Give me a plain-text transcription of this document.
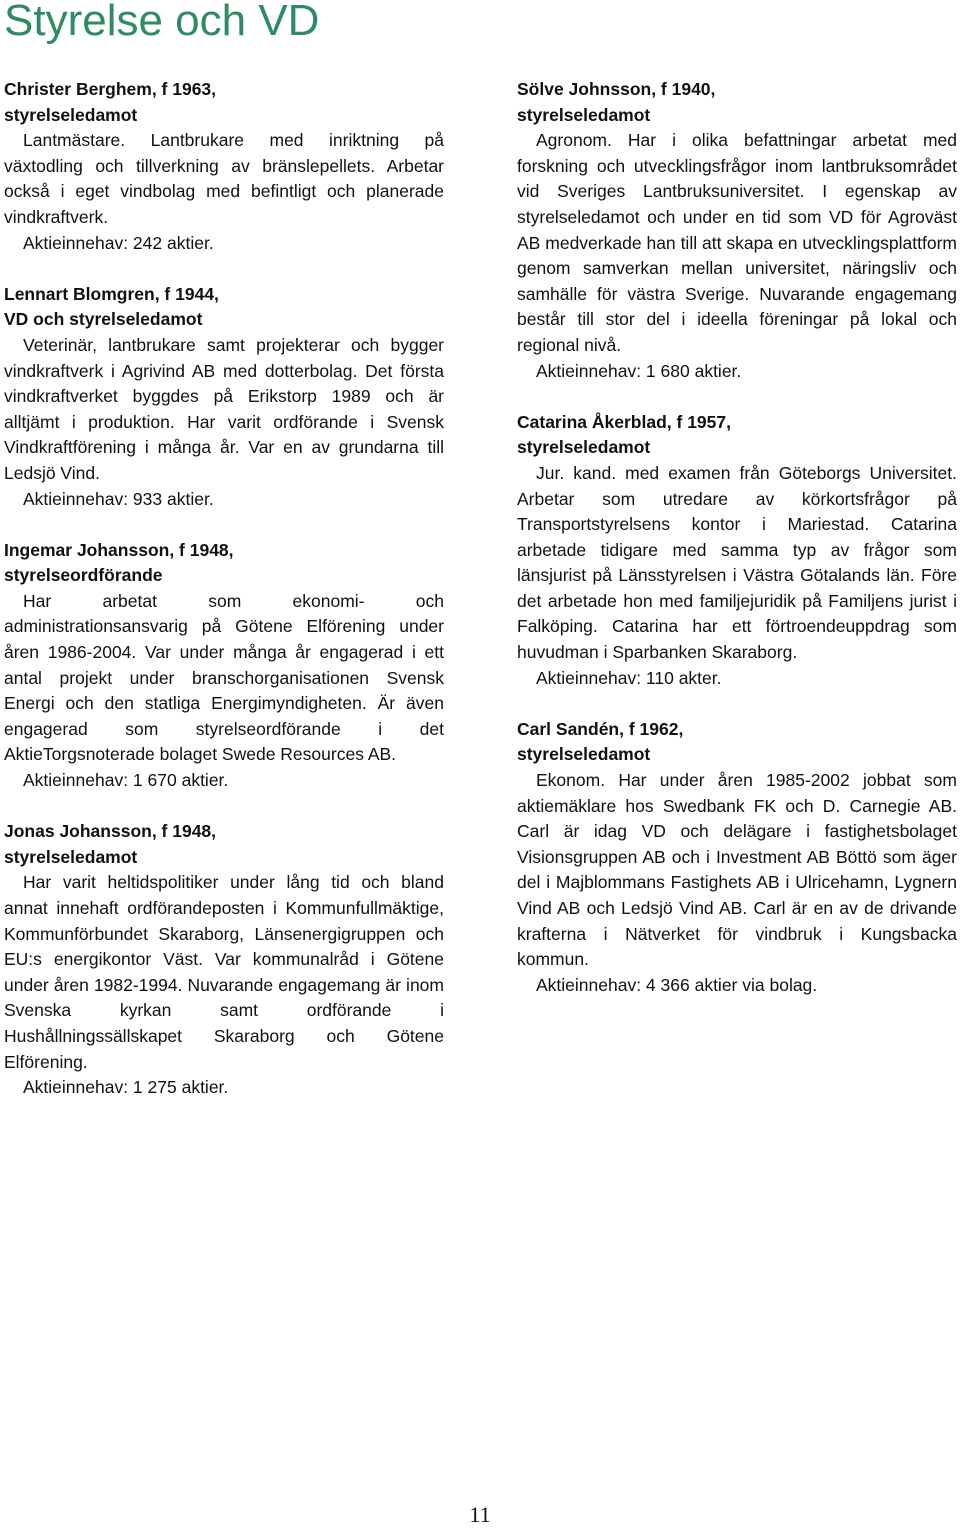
Styrelse och VD

Christer Berghem, f 1963,

styrelseledamot

Lantmästare. Lantbrukare med inriktning på växtodling och tillverkning av bränslepellets. Arbetar också i eget vindbolag med befintligt och planerade vindkraftverk.

Aktieinnehav: 242 aktier.

Lennart Blomgren, f 1944,

VD och styrelseledamot

Veterinär, lantbrukare samt projekterar och bygger vindkraftverk i Agrivind AB med dotterbolag. Det första vindkraftverket byggdes på Erikstorp 1989 och är alltjämt i produktion. Har varit ordförande i Svensk Vindkraftförening i många år. Var en av grundarna till Ledsjö Vind.

Aktieinnehav: 933 aktier.

Ingemar Johansson, f 1948,

styrelseordförande

Har arbetat som ekonomi- och administrationsansvarig på Götene Elförening under åren 1986-2004. Var under många år engagerad i ett antal projekt under branschorganisationen Svensk Energi och den statliga Energimyndigheten. Är även engagerad som styrelseordförande i det AktieTorgsnoterade bolaget Swede Resources AB.

Aktieinnehav: 1 670 aktier.

Jonas Johansson, f 1948,

styrelseledamot

Har varit heltidspolitiker under lång tid och bland annat innehaft ordförandeposten i Kommunfullmäktige, Kommunförbundet Skaraborg, Länsenergigruppen och EU:s energikontor Väst. Var kommunalråd i Götene under åren 1982-1994. Nuvarande engagemang är inom Svenska kyrkan samt ordförande i Hushållningssällskapet Skaraborg och Götene Elförening.

Aktieinnehav: 1 275 aktier.

Sölve Johnsson, f 1940,

styrelseledamot

Agronom. Har i olika befattningar arbetat med forskning och utvecklingsfrågor inom lantbruksområdet vid Sveriges Lantbruksuniversitet. I egenskap av styrelseledamot och under en tid som VD för Agroväst AB medverkade han till att skapa en utvecklingsplattform genom samverkan mellan universitet, näringsliv och samhälle för västra Sverige. Nuvarande engagemang består till stor del i ideella föreningar på lokal och regional nivå.

Aktieinnehav: 1 680 aktier.

Catarina Åkerblad, f 1957,

styrelseledamot

Jur. kand. med examen från Göteborgs Universitet. Arbetar som utredare av körkortsfrågor på Transportstyrelsens kontor i Mariestad. Catarina arbetade tidigare med samma typ av frågor som länsjurist på Länsstyrelsen i Västra Götalands län. Före det arbetade hon med familjejuridik på Familjens jurist i Falköping. Catarina har ett förtroendeuppdrag som huvudman i Sparbanken Skaraborg.

Aktieinnehav: 110 akter.

Carl Sandén, f 1962,

styrelseledamot

Ekonom. Har under åren 1985-2002 jobbat som aktiemäklare hos Swedbank FK och D. Carnegie AB. Carl är idag VD och delägare i fastighetsbolaget Visionsgruppen AB och i Investment AB Böttö som äger del i Majblommans Fastighets AB i Ulricehamn, Lygnern Vind AB och Ledsjö Vind AB. Carl är en av de drivande krafterna i Nätverket för vindbruk i Kungsbacka kommun.

Aktieinnehav: 4 366 aktier via bolag.

11
